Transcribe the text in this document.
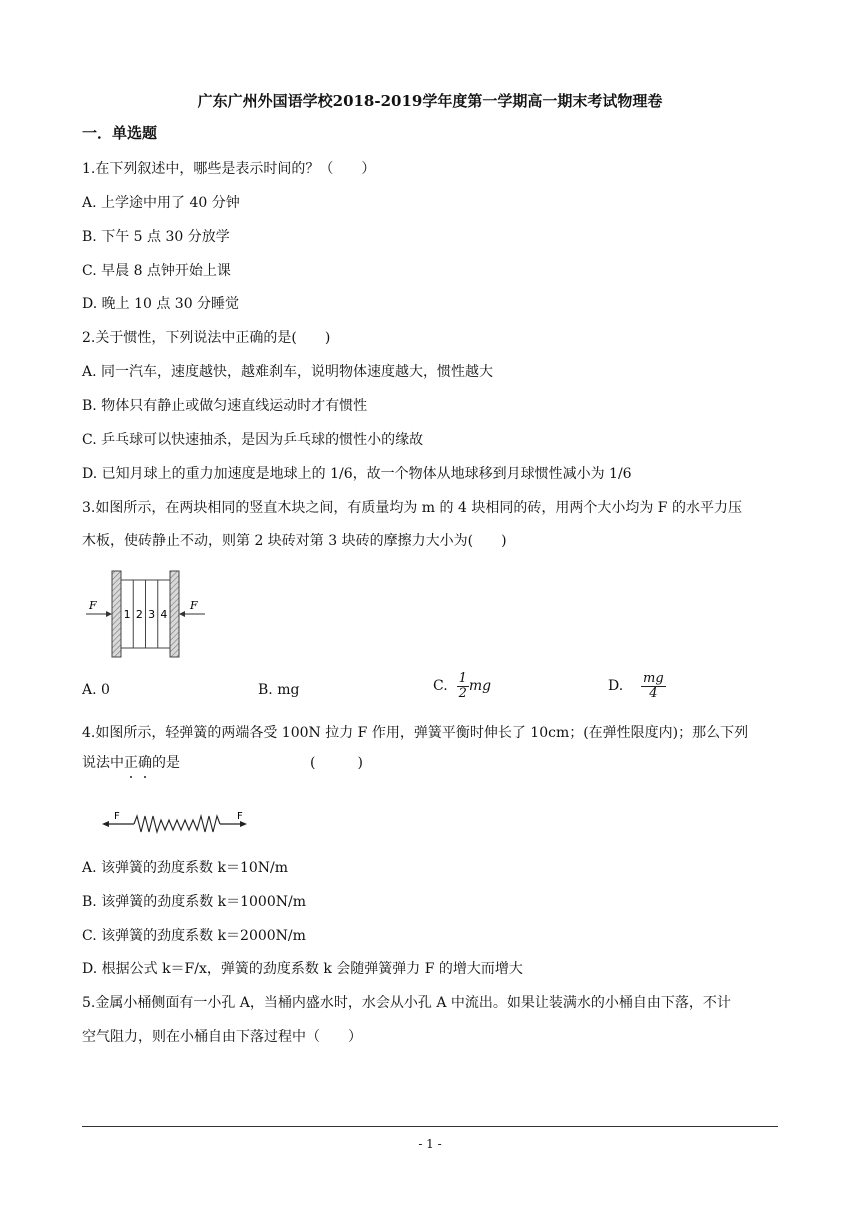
广东广州外国语学校2018-2019学年度第一学期高一期末考试物理卷
一．单选题
1.在下列叙述中，哪些是表示时间的？（　　）
A. 上学途中用了 40 分钟
B. 下午 5 点 30 分放学
C. 早晨 8 点钟开始上课
D. 晚上 10 点 30 分睡觉
2.关于惯性，下列说法中正确的是(　　)
A. 同一汽车，速度越快，越难刹车，说明物体速度越大，惯性越大
B. 物体只有静止或做匀速直线运动时才有惯性
C. 乒乓球可以快速抽杀，是因为乒乓球的惯性小的缘故
D. 已知月球上的重力加速度是地球上的 1/6，故一个物体从地球移到月球惯性减小为 1/6
3.如图所示，在两块相同的竖直木块之间，有质量均为 m 的 4 块相同的砖，用两个大小均为 F 的水平力压
木板，使砖静止不动，则第 2 块砖对第 3 块砖的摩擦力大小为(　　)
1 2 3 4
F	F
A. 0	B. mg	C. $\frac{1}{2}$ mg	D. $\frac{mg}{4}$
4.如图所示，轻弹簧的两端各受 100N 拉力 F 作用，弹簧平衡时伸长了 10cm；(在弹性限度内)；那么下列
说法中正确的是	(　　　)
F	F
A. 该弹簧的劲度系数 k＝10N/m
B. 该弹簧的劲度系数 k＝1000N/m
C. 该弹簧的劲度系数 k＝2000N/m
D. 根据公式 k＝F/x，弹簧的劲度系数 k 会随弹簧弹力 F 的增大而增大
5.金属小桶侧面有一小孔 A，当桶内盛水时，水会从小孔 A 中流出。如果让装满水的小桶自由下落，不计
空气阻力，则在小桶自由下落过程中（　　）
- 1 -
